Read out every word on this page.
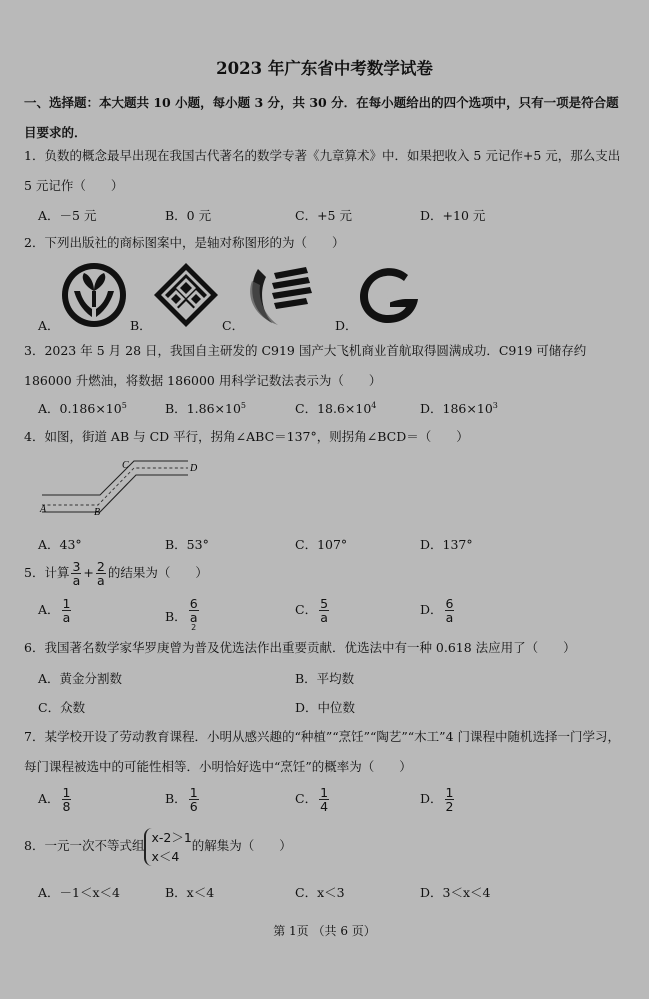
2023 年广东省中考数学试卷
一、选择题：本大题共 10 小题，每小题 3 分，共 30 分．在每小题给出的四个选项中，只有一项是符合题目要求的．
1．负数的概念最早出现在我国古代著名的数学专著《九章算术》中．如果把收入 5 元记作+5 元，那么支出 5 元记作（　　）
A．－5 元	B．0 元	C．+5 元	D．+10 元
2．下列出版社的商标图案中，是轴对称图形的为（　　）
A．	B．	C．	D．
3．2023 年 5 月 28 日，我国自主研发的 C919 国产大飞机商业首航取得圆满成功．C919 可储存约 186000 升燃油，将数据 186000 用科学记数法表示为（　　）
A．$0.186\times 10^5$	B．$1.86\times 10^5$	C．$18.6\times 10^4$	D．$186\times 10^3$
4．如图，街道 AB 与 CD 平行，拐角∠ABC＝137°，则拐角∠BCD＝（　　）
A	B
C	D
A．43°	B．53°	C．107°	D．137°
5．计算 $\frac{3}{a} + \frac{2}{a}$ 的结果为（　　）
A． $\frac{1}{a}$	B． 6
a
$^2$	C． $\frac{5}{a}$	D． $\frac{6}{a}$
6．我国著名数学家华罗庚曾为普及优选法作出重要贡献．优选法中有一种 0.618 法应用了（　　）
A．黄金分割数	B．平均数
C．众数	D．中位数
7．某学校开设了劳动教育课程．小明从感兴趣的“种植”“烹饪”“陶艺”“木工”4 门课程中随机选择一门学习，每门课程被选中的可能性相等．小明恰好选中“烹饪”的概率为（　　）
A． $\frac{1}{8}$	B． $\frac{1}{6}$	C． $\frac{1}{4}$	D． $\frac{1}{2}$
8．一元一次不等式组
x-2＞1
x＜4
的解集为（　　）
A．－1＜x＜4	B．x＜4	C．x＜3	D．3＜x＜4
第 1页 （共 6 页）
